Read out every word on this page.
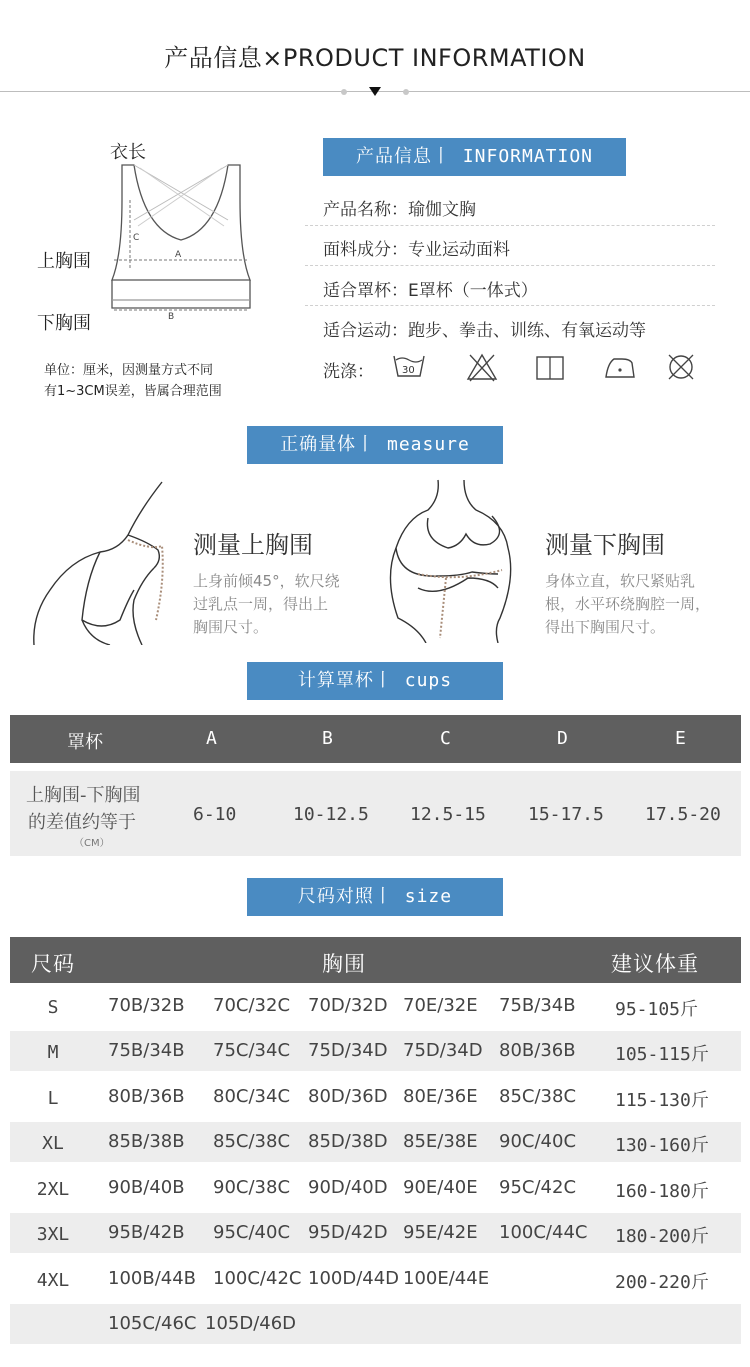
产品信息×PRODUCT INFORMATION
衣长
上胸围
下胸围
C
A
B
单位：厘米，因测量方式不同
有1~3CM误差，皆属合理范围
产品信息丨 INFORMATION
产品名称：瑜伽文胸
面料成分：专业运动面料
适合罩杯：E罩杯（一体式）
适合运动：跑步、拳击、训练、有氧运动等
洗涤：	30
正确量体丨 measure
测量上胸围
上身前倾45°，软尺绕
过乳点一周，得出上
胸围尺寸。
测量下胸围
身体立直，软尺紧贴乳
根，水平环绕胸腔一周，
得出下胸围尺寸。
计算罩杯丨 cups
罩杯	A	B	C	D	E
上胸围-下胸围
的差值约等于
（CM）
6-10	10-12.5 12.5-15 15-17.5 17.5-20
尺码对照丨 size
尺码	胸围	建议体重
S	70B/32B 70C/32C 70D/32D 70E/32E 75B/34B 95-105斤
M	75B/34B 75C/34C 75D/34D 75D/34D 80B/36B 105-115斤
L	80B/36B 80C/34C 80D/36D 80E/36E 85C/38C 115-130斤
XL	85B/38B 85C/38C 85D/38D 85E/38E 90C/40C 130-160斤
2XL	90B/40B 90C/38C 90D/40D 90E/40E 95C/42C 160-180斤
3XL	95B/42B 95C/40C 95D/42D 95E/42E 100C/44C 180-200斤
4XL	100B/44B 100C/42C 100D/44D 100E/44E	200-220斤
105C/46C 105D/46D
